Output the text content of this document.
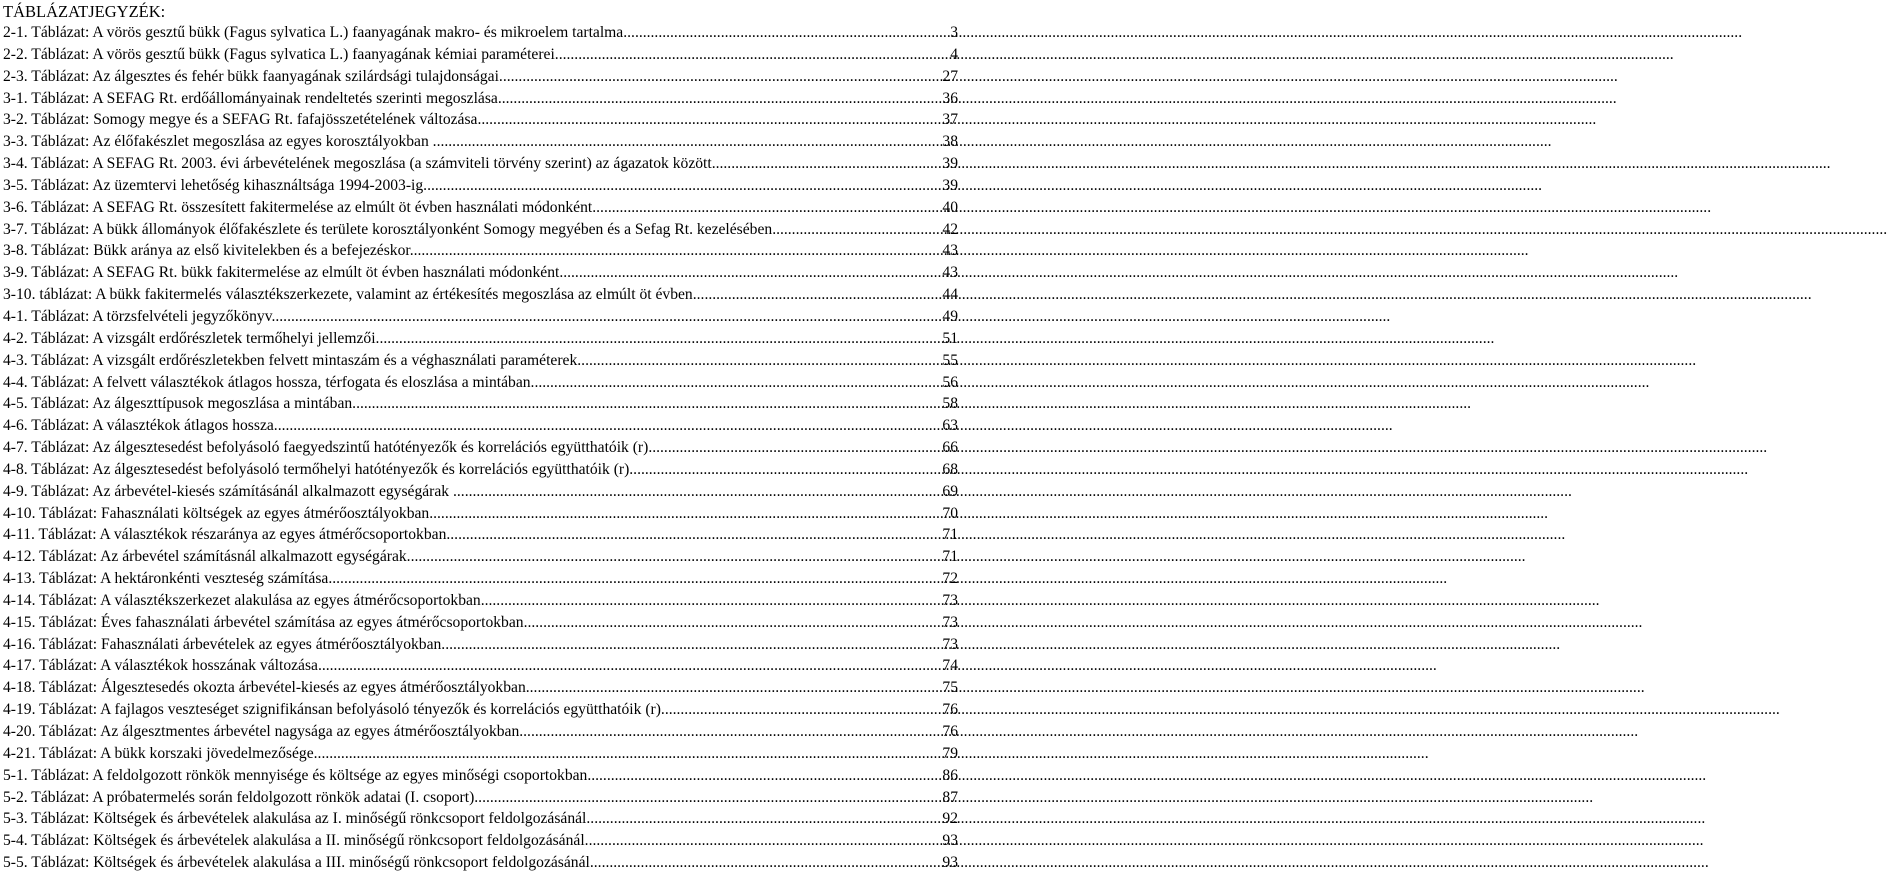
TÁBLÁZATJEGYZÉK:
2-1. Táblázat: A vörös gesztű bükk (Fagus sylvatica L.) faanyagának makro- és mikroelem tartalma. .....	3
2-2. Táblázat: A vörös gesztű bükk (Fagus sylvatica L.) faanyagának kémiai paraméterei. .....	4
2-3. Táblázat: Az álgesztes és fehér bükk faanyagának szilárdsági tulajdonságai. .....	27
3-1. Táblázat: A SEFAG Rt. erdőállományainak rendeltetés szerinti megoszlása. .....	36
3-2. Táblázat: Somogy megye és a SEFAG Rt. fafajösszetételének változása. .....	37
3-3. Táblázat: Az élőfakészlet megoszlása az egyes korosztályokban . .....	38
3-4. Táblázat: A SEFAG Rt. 2003. évi árbevételének megoszlása (a számviteli törvény szerint) az ágazatok között. .....	39
3-5. Táblázat: Az üzemtervi lehetőség kihasználtsága 1994-2003-ig. .....	39
3-6. Táblázat: A SEFAG Rt. összesített fakitermelése az elmúlt öt évben használati módonként. .....	40
3-7. Táblázat: A bükk állományok élőfakészlete és területe korosztályonként Somogy megyében és a Sefag Rt. kezelésében .....	42
3-8. Táblázat: Bükk aránya az első kivitelekben és a befejezéskor. .....	43
3-9. Táblázat: A SEFAG Rt. bükk fakitermelése az elmúlt öt évben használati módonként. .....	43
3-10. táblázat: A bükk fakitermelés választékszerkezete, valamint az értékesítés megoszlása az elmúlt öt évben. .....	44
4-1. Táblázat: A törzsfelvételi jegyzőkönyv. .....	49
4-2. Táblázat: A vizsgált erdőrészletek termőhelyi jellemzői. .....	51
4-3. Táblázat: A vizsgált erdőrészletekben felvett mintaszám és a véghasználati paraméterek. .....	55
4-4. Táblázat: A felvett választékok átlagos hossza, térfogata és eloszlása a mintában. .....	56
4-5. Táblázat: Az álgeszttípusok megoszlása a mintában. .....	58
4-6. Táblázat: A választékok átlagos hossza. .....	63
4-7. Táblázat: Az álgesztesedést befolyásoló faegyedszintű hatótényezők és korrelációs együtthatóik (r). .....	66
4-8. Táblázat: Az álgesztesedést befolyásoló termőhelyi hatótényezők és korrelációs együtthatóik (r). .....	68
4-9. Táblázat: Az árbevétel-kiesés számításánál alkalmazott egységárak . .....	69
4-10. Táblázat: Fahasználati költségek az egyes átmérőosztályokban. .....	70
4-11. Táblázat: A választékok részaránya az egyes átmérőcsoportokban. .....	71
4-12. Táblázat: Az árbevétel számításnál alkalmazott egységárak. .....	71
4-13. Táblázat: A hektáronkénti veszteség számítása. .....	72
4-14. Táblázat: A választékszerkezet alakulása az egyes átmérőcsoportokban. .....	73
4-15. Táblázat: Éves fahasználati árbevétel számítása az egyes átmérőcsoportokban. .....	73
4-16. Táblázat: Fahasználati árbevételek az egyes átmérőosztályokban. .....	73
4-17. Táblázat: A választékok hosszának változása. .....	74
4-18. Táblázat: Álgesztesedés okozta árbevétel-kiesés az egyes átmérőosztályokban. .....	75
4-19. Táblázat: A fajlagos veszteséget szignifikánsan befolyásoló tényezők és korrelációs együtthatóik (r). .....	76
4-20. Táblázat: Az álgesztmentes árbevétel nagysága az egyes átmérőosztályokban. .....	76
4-21. Táblázat: A bükk korszaki jövedelmezősége .....	79
5-1. Táblázat: A feldolgozott rönkök mennyisége és költsége az egyes minőségi csoportokban. .....	86
5-2. Táblázat: A próbatermelés során feldolgozott rönkök adatai (I. csoport). .....	87
5-3. Táblázat: Költségek és árbevételek alakulása az I. minőségű rönkcsoport feldolgozásánál. .....	92
5-4. Táblázat: Költségek és árbevételek alakulása a II. minőségű rönkcsoport feldolgozásánál. .....	93
5-5. Táblázat: Költségek és árbevételek alakulása a III. minőségű rönkcsoport feldolgozásánál. .....	93
